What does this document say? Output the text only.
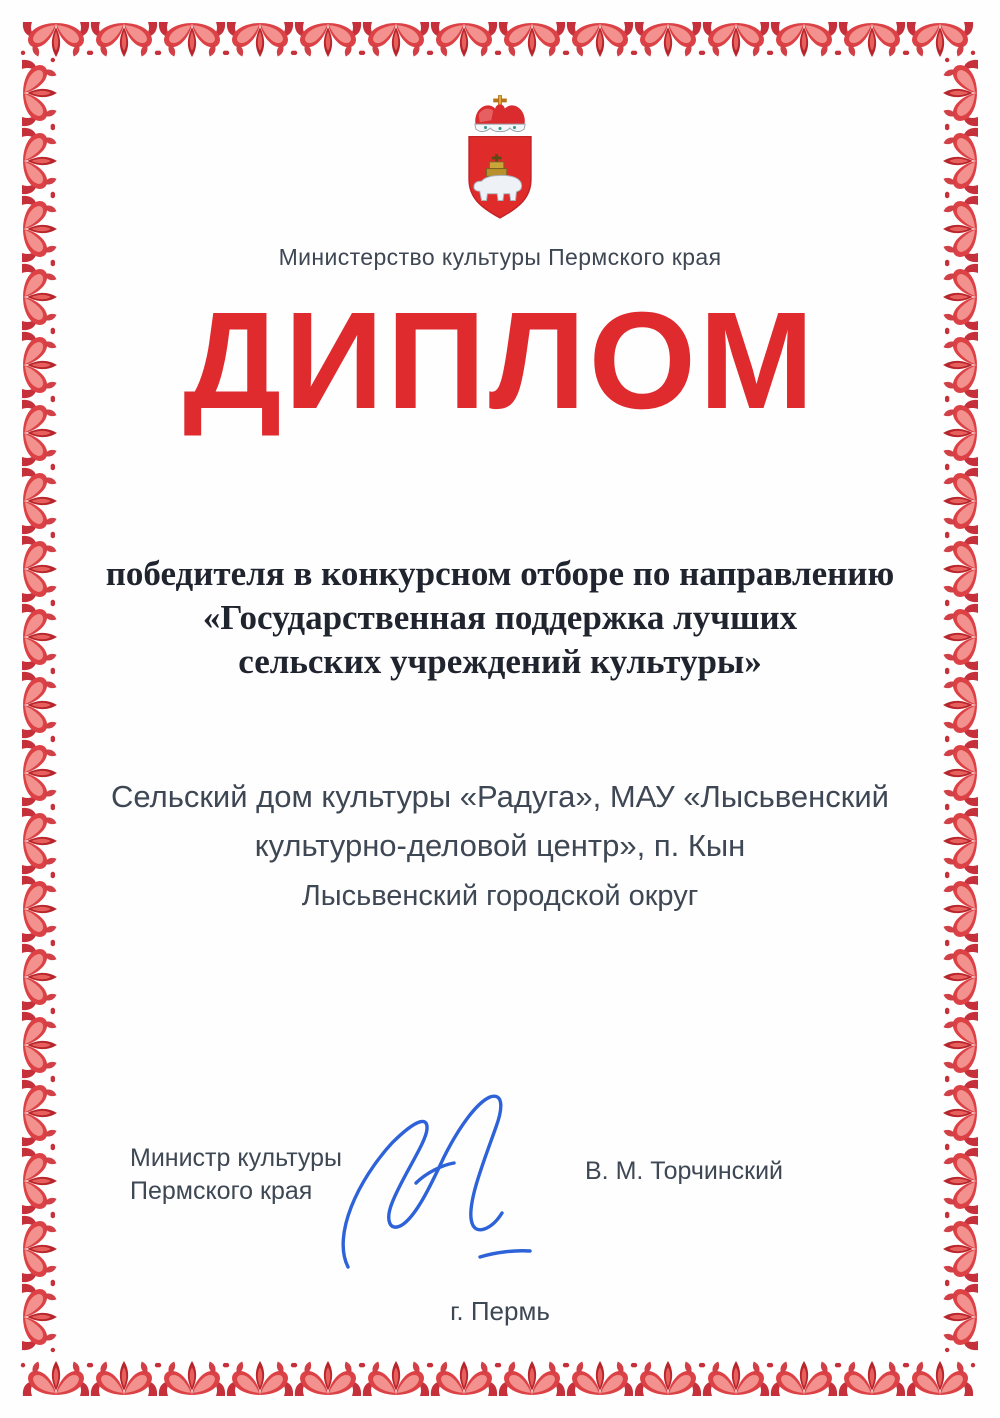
Министерство культуры Пермского края
ДИПЛОМ
победителя в конкурсном отборе по направлению
«Государственная поддержка лучших
сельских учреждений культуры»
Сельский дом культуры «Радуга», МАУ «Лысьвенский
культурно-деловой центр», п. Кын
Лысьвенский городской округ
Министр культуры
Пермского края
В. М. Торчинский
г. Пермь
